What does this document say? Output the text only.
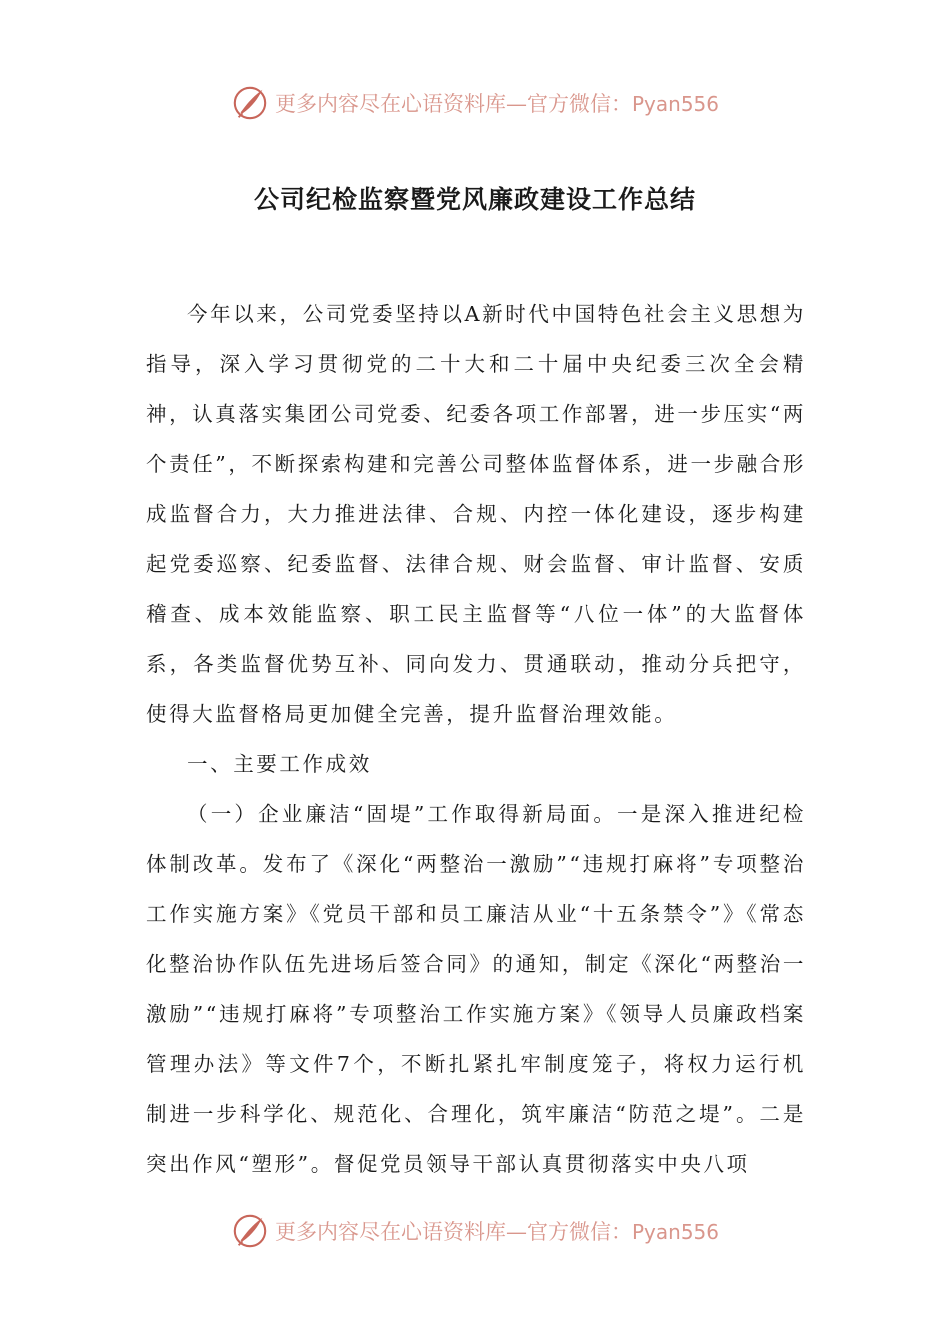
更多内容尽在心语资料库—官方微信：Pyan556
公司纪检监察暨党风廉政建设工作总结

今年以来，公司党委坚持以A新时代中国特色社会主义思想为指导，深入学习贯彻党的二十大和二十届中央纪委三次全会精神，认真落实集团公司党委、纪委各项工作部署，进一步压实“两个责任”，不断探索构建和完善公司整体监督体系，进一步融合形成监督合力，大力推进法律、合规、内控一体化建设，逐步构建起党委巡察、纪委监督、法律合规、财会监督、审计监督、安质稽查、成本效能监察、职工民主监督等“八位一体”的大监督体系，各类监督优势互补、同向发力、贯通联动，推动分兵把守，使得大监督格局更加健全完善，提升监督治理效能。

一、主要工作成效

（一）企业廉洁“固堤”工作取得新局面。一是深入推进纪检体制改革。发布了《深化“两整治一激励”“违规打麻将”专项整治工作实施方案》《党员干部和员工廉洁从业“十五条禁令”》《常态化整治协作队伍先进场后签合同》的通知，制定《深化“两整治一激励”“违规打麻将”专项整治工作实施方案》《领导人员廉政档案管理办法》等文件7个，不断扎紧扎牢制度笼子，将权力运行机制进一步科学化、规范化、合理化，筑牢廉洁“防范之堤”。二是突出作风“塑形”。督促党员领导干部认真贯彻落实中央八项

更多内容尽在心语资料库—官方微信：Pyan556
